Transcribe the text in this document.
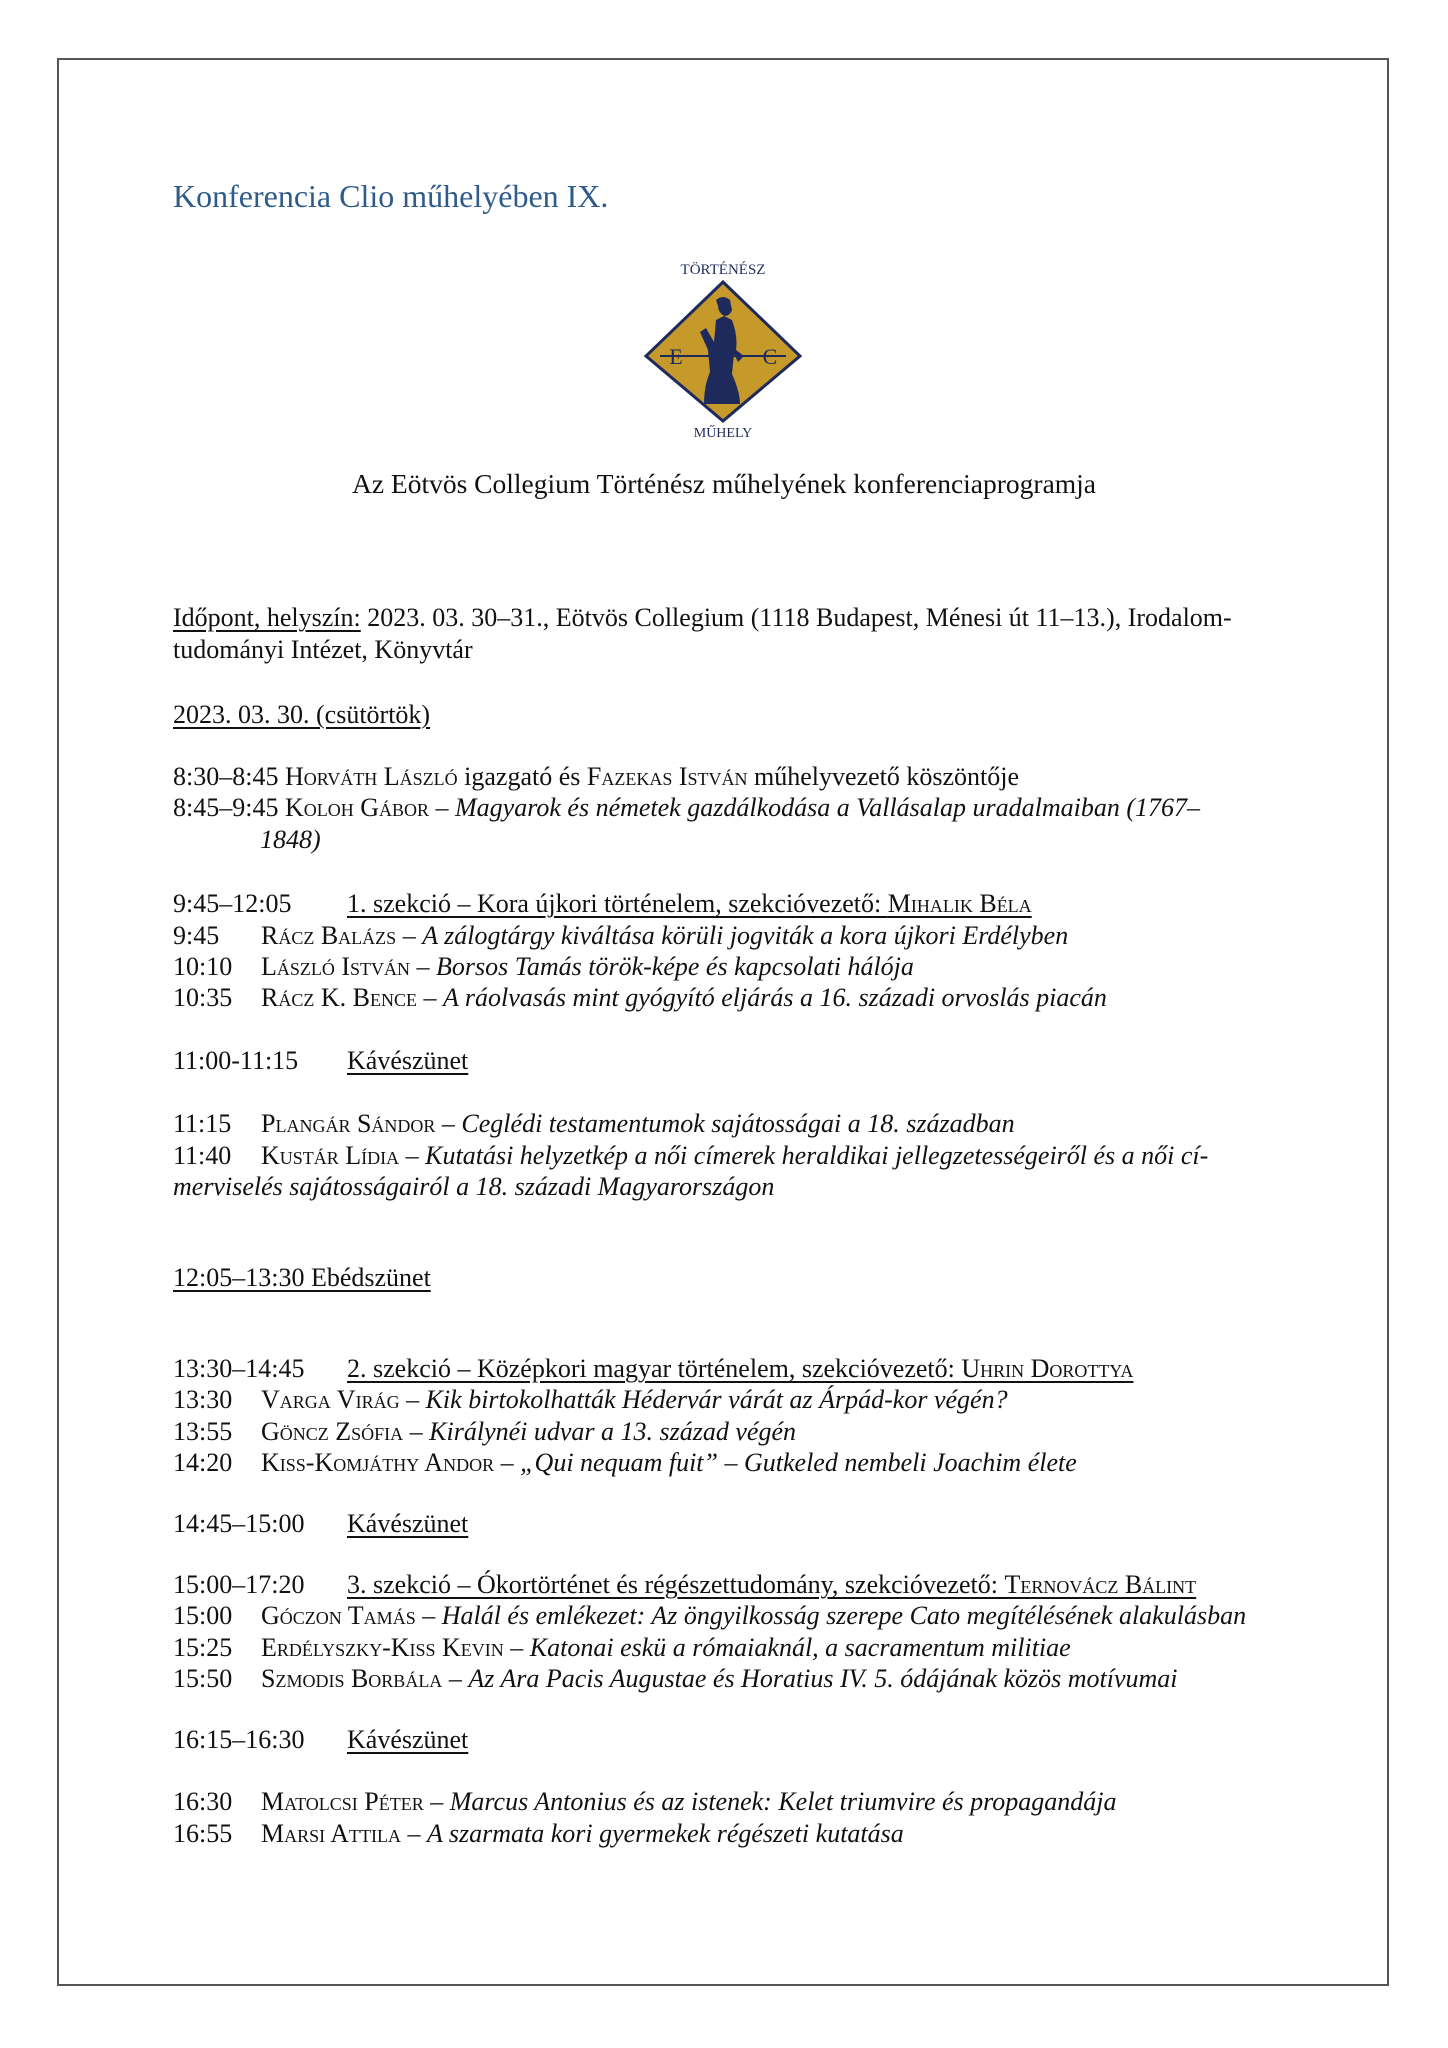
Konferencia Clio műhelyében IX.
TÖRTÉNÉSZ
E	C
MŰHELY
Az Eötvös Collegium Történész műhelyének konferenciaprogramja
Időpont, helyszín: 2023. 03. 30–31., Eötvös Collegium (1118 Budapest, Ménesi út 11–13.), Irodalom-
tudományi Intézet, Könyvtár
2023. 03. 30. (csütörtök)
8:30–8:45 Horváth László igazgató és Fazekas István műhelyvezető köszöntője
8:45–9:45 Koloh Gábor – Magyarok és németek gazdálkodása a Vallásalap uradalmaiban (1767–
1848)
9:45–12:05 1. szekció – Kora újkori történelem, szekcióvezető: Mihalik Béla
9:45 Rácz Balázs – A zálogtárgy kiváltása körüli jogviták a kora újkori Erdélyben
10:10 László István – Borsos Tamás török-képe és kapcsolati hálója
10:35 Rácz K. Bence – A ráolvasás mint gyógyító eljárás a 16. századi orvoslás piacán
11:00-11:15 Kávészünet
11:15 Plangár Sándor – Ceglédi testamentumok sajátosságai a 18. században
11:40 Kustár Lídia – Kutatási helyzetkép a női címerek heraldikai jellegzetességeiről és a női cí-
merviselés sajátosságairól a 18. századi Magyarországon
12:05–13:30 Ebédszünet
13:30–14:45 2. szekció – Középkori magyar történelem, szekcióvezető: Uhrin Dorottya
13:30 Varga Virág – Kik birtokolhatták Hédervár várát az Árpád-kor végén?
13:55 Göncz Zsófia – Királynéi udvar a 13. század végén
14:20 Kiss-Komjáthy Andor – „Qui nequam fuit” – Gutkeled nembeli Joachim élete
14:45–15:00 Kávészünet
15:00–17:20 3. szekció – Ókortörténet és régészettudomány, szekcióvezető: Ternovácz Bálint
15:00 Góczon Tamás – Halál és emlékezet: Az öngyilkosság szerepe Cato megítélésének alakulásban
15:25 Erdélyszky-Kiss Kevin – Katonai eskü a rómaiaknál, a sacramentum militiae
15:50 Szmodis Borbála – Az Ara Pacis Augustae és Horatius IV. 5. ódájának közös motívumai
16:15–16:30 Kávészünet
16:30 Matolcsi Péter – Marcus Antonius és az istenek: Kelet triumvire és propagandája
16:55 Marsi Attila – A szarmata kori gyermekek régészeti kutatása
